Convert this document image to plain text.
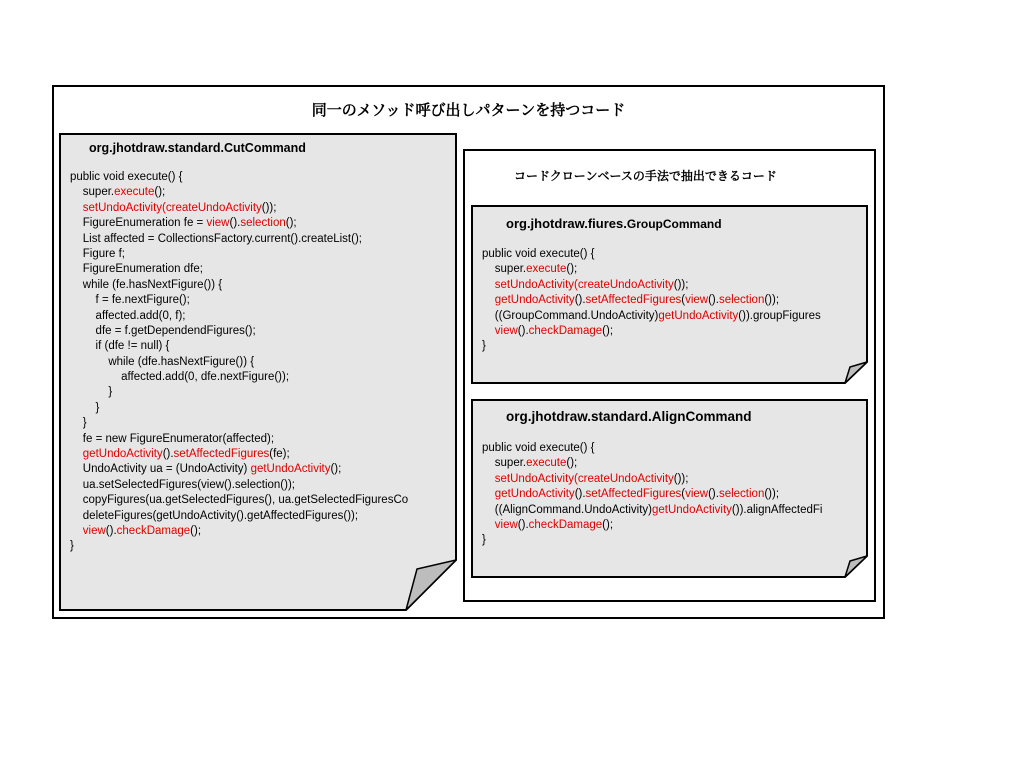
同一のメソッド呼び出しパターンを持つコード
コードクローンベースの手法で抽出できるコード
org.jhotdraw.standard.CutCommand
public void execute() {
super.execute();
setUndoActivity(createUndoActivity());
FigureEnumeration fe = view().selection();
List affected = CollectionsFactory.current().createList();
Figure f;
FigureEnumeration dfe;
while (fe.hasNextFigure()) {
f = fe.nextFigure();
affected.add(0, f);
dfe = f.getDependendFigures();
if (dfe != null) {
while (dfe.hasNextFigure()) {
affected.add(0, dfe.nextFigure());
}
}
}
fe = new FigureEnumerator(affected);
getUndoActivity().setAffectedFigures(fe);
UndoActivity ua = (UndoActivity) getUndoActivity();
ua.setSelectedFigures(view().selection());
copyFigures(ua.getSelectedFigures(), ua.getSelectedFiguresCo
deleteFigures(getUndoActivity().getAffectedFigures());
view().checkDamage();
}
org.jhotdraw.fiures.GroupCommand
public void execute() {
super.execute();
setUndoActivity(createUndoActivity());
getUndoActivity().setAffectedFigures(view().selection());
((GroupCommand.UndoActivity)getUndoActivity()).groupFigures
view().checkDamage();
}
org.jhotdraw.standard.AlignCommand
public void execute() {
super.execute();
setUndoActivity(createUndoActivity());
getUndoActivity().setAffectedFigures(view().selection());
((AlignCommand.UndoActivity)getUndoActivity()).alignAffectedFi
view().checkDamage();
}
